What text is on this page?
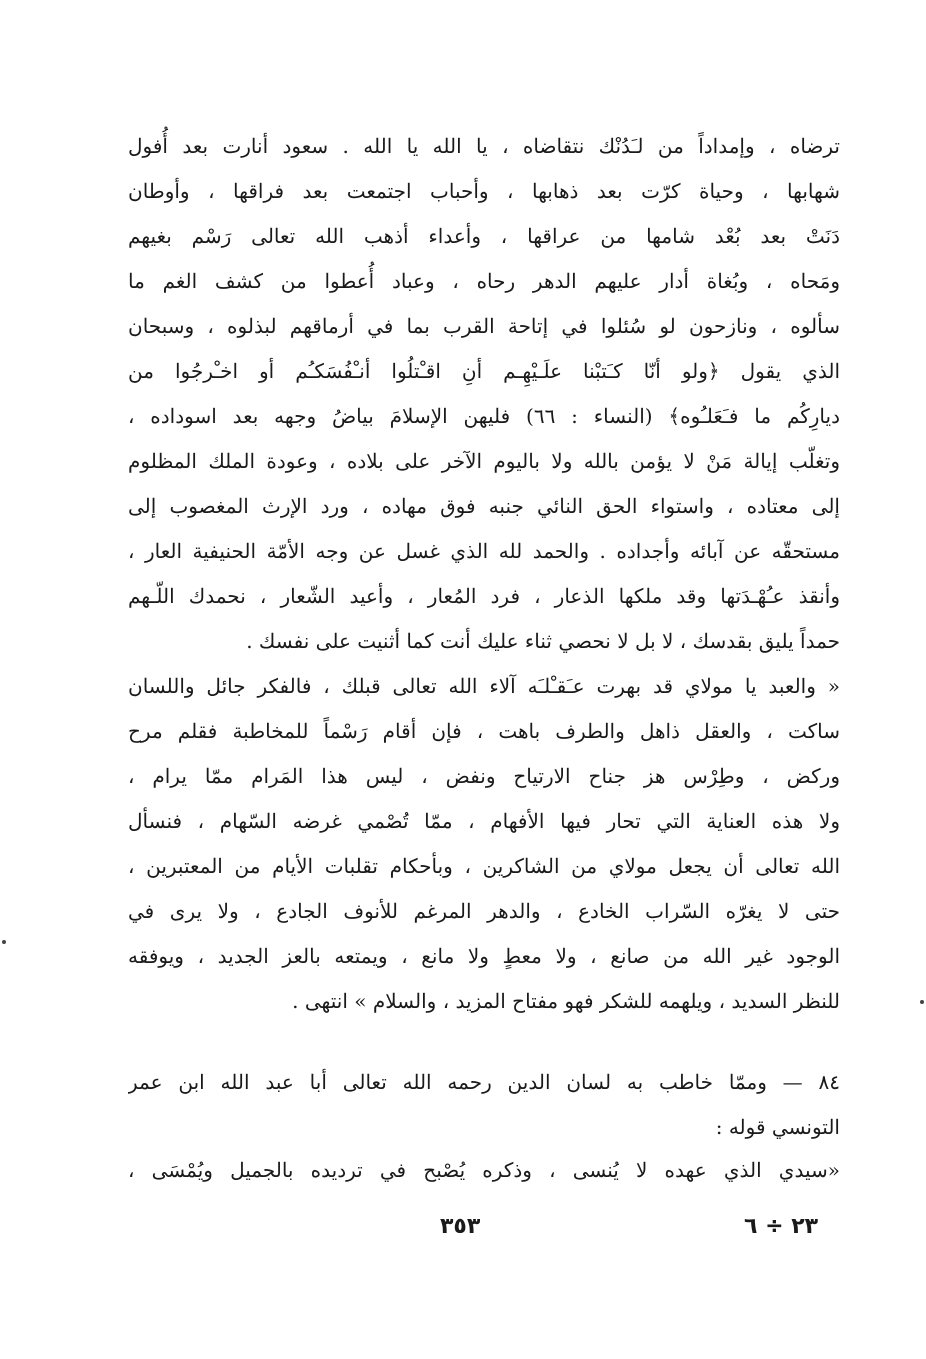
ترضاه ، وإمداداً من لـَدُنْك نتقاضاه ، يا الله يا الله . سعود أنارت بعد أُفول
شهابها ، وحياة كرّت بعد ذهابها ، وأحباب اجتمعت بعد فراقها ، وأوطان
دَنَتْ بعد بُعْد شامها من عراقها ، وأعداء أذهب الله تعالى رَسْم بغيهم
ومَحاه ، وبُغاة أدار عليهم الدهر رحاه ، وعباد أُعطوا من كشف الغم ما
سألوه ، ونازحون لو سُئلوا في إتاحة القرب بما في أرماقهم لبذلوه ، وسبحان
الذي يقول ﴿ولو أنّا كـَتبْنا علَـيْهِـم أنِ اقـْتلُوا أنـْفُسَكـُم أو اخـْرجُوا من
ديارِكُم ما فـَعَلـُوه﴾ (النساء : ٦٦) فليهن الإسلامَ بياضُ وجهه بعد اسوداده ،
وتغلّب إيالة مَنْ لا يؤمن بالله ولا باليوم الآخر على بلاده ، وعودة الملك المظلوم
إلى معتاده ، واستواء الحق النائي جنبه فوق مهاده ، ورد الإرث المغصوب إلى
مستحقّه عن آبائه وأجداده . والحمد لله الذي غسل عن وجه الأمّة الحنيفية العار ،
وأنقذ عـُهْـدَتها وقد ملكها الذعار ، فرد المُعار ، وأعيد الشّعار ، نحمدك اللّـهم
حمداً يليق بقدسك ، لا بل لا نحصي ثناء عليك أنت كما أثنيت على نفسك .
« والعبد يا مولاي قد بهرت عـَقـْلـَه آلاء الله تعالى قبلك ، فالفكر جائل واللسان
ساكت ، والعقل ذاهل والطرف باهت ، فإن أقام رَسْماً للمخاطبة فقلم مرح
وركض ، وطِرْس هز جناح الارتياح ونفض ، ليس هذا المَرام ممّا يرام ،
ولا هذه العناية التي تحار فيها الأفهام ، ممّا تُصْمي غرضه السّهام ، فنسأل
الله تعالى أن يجعل مولاي من الشاكرين ، وبأحكام تقلبات الأيام من المعتبرين ،
حتى لا يغرّه السّراب الخادع ، والدهر المرغم للأنوف الجادع ، ولا يرى في
الوجود غير الله من صانع ، ولا معطٍ ولا مانع ، ويمتعه بالعز الجديد ، ويوفقه
للنظر السديد ، ويلهمه للشكر فهو مفتاح المزيد ، والسلام » انتهى .
٨٤ — وممّا خاطب به لسان الدين رحمه الله تعالى أبا عبد الله ابن عمر
التونسي قوله :
«سيدي الذي عهده لا يُنسى ، وذكره يُصْبح في ترديده بالجميل ويُمْسَى ،
٣٥٣	٢٣ ÷ ٦
